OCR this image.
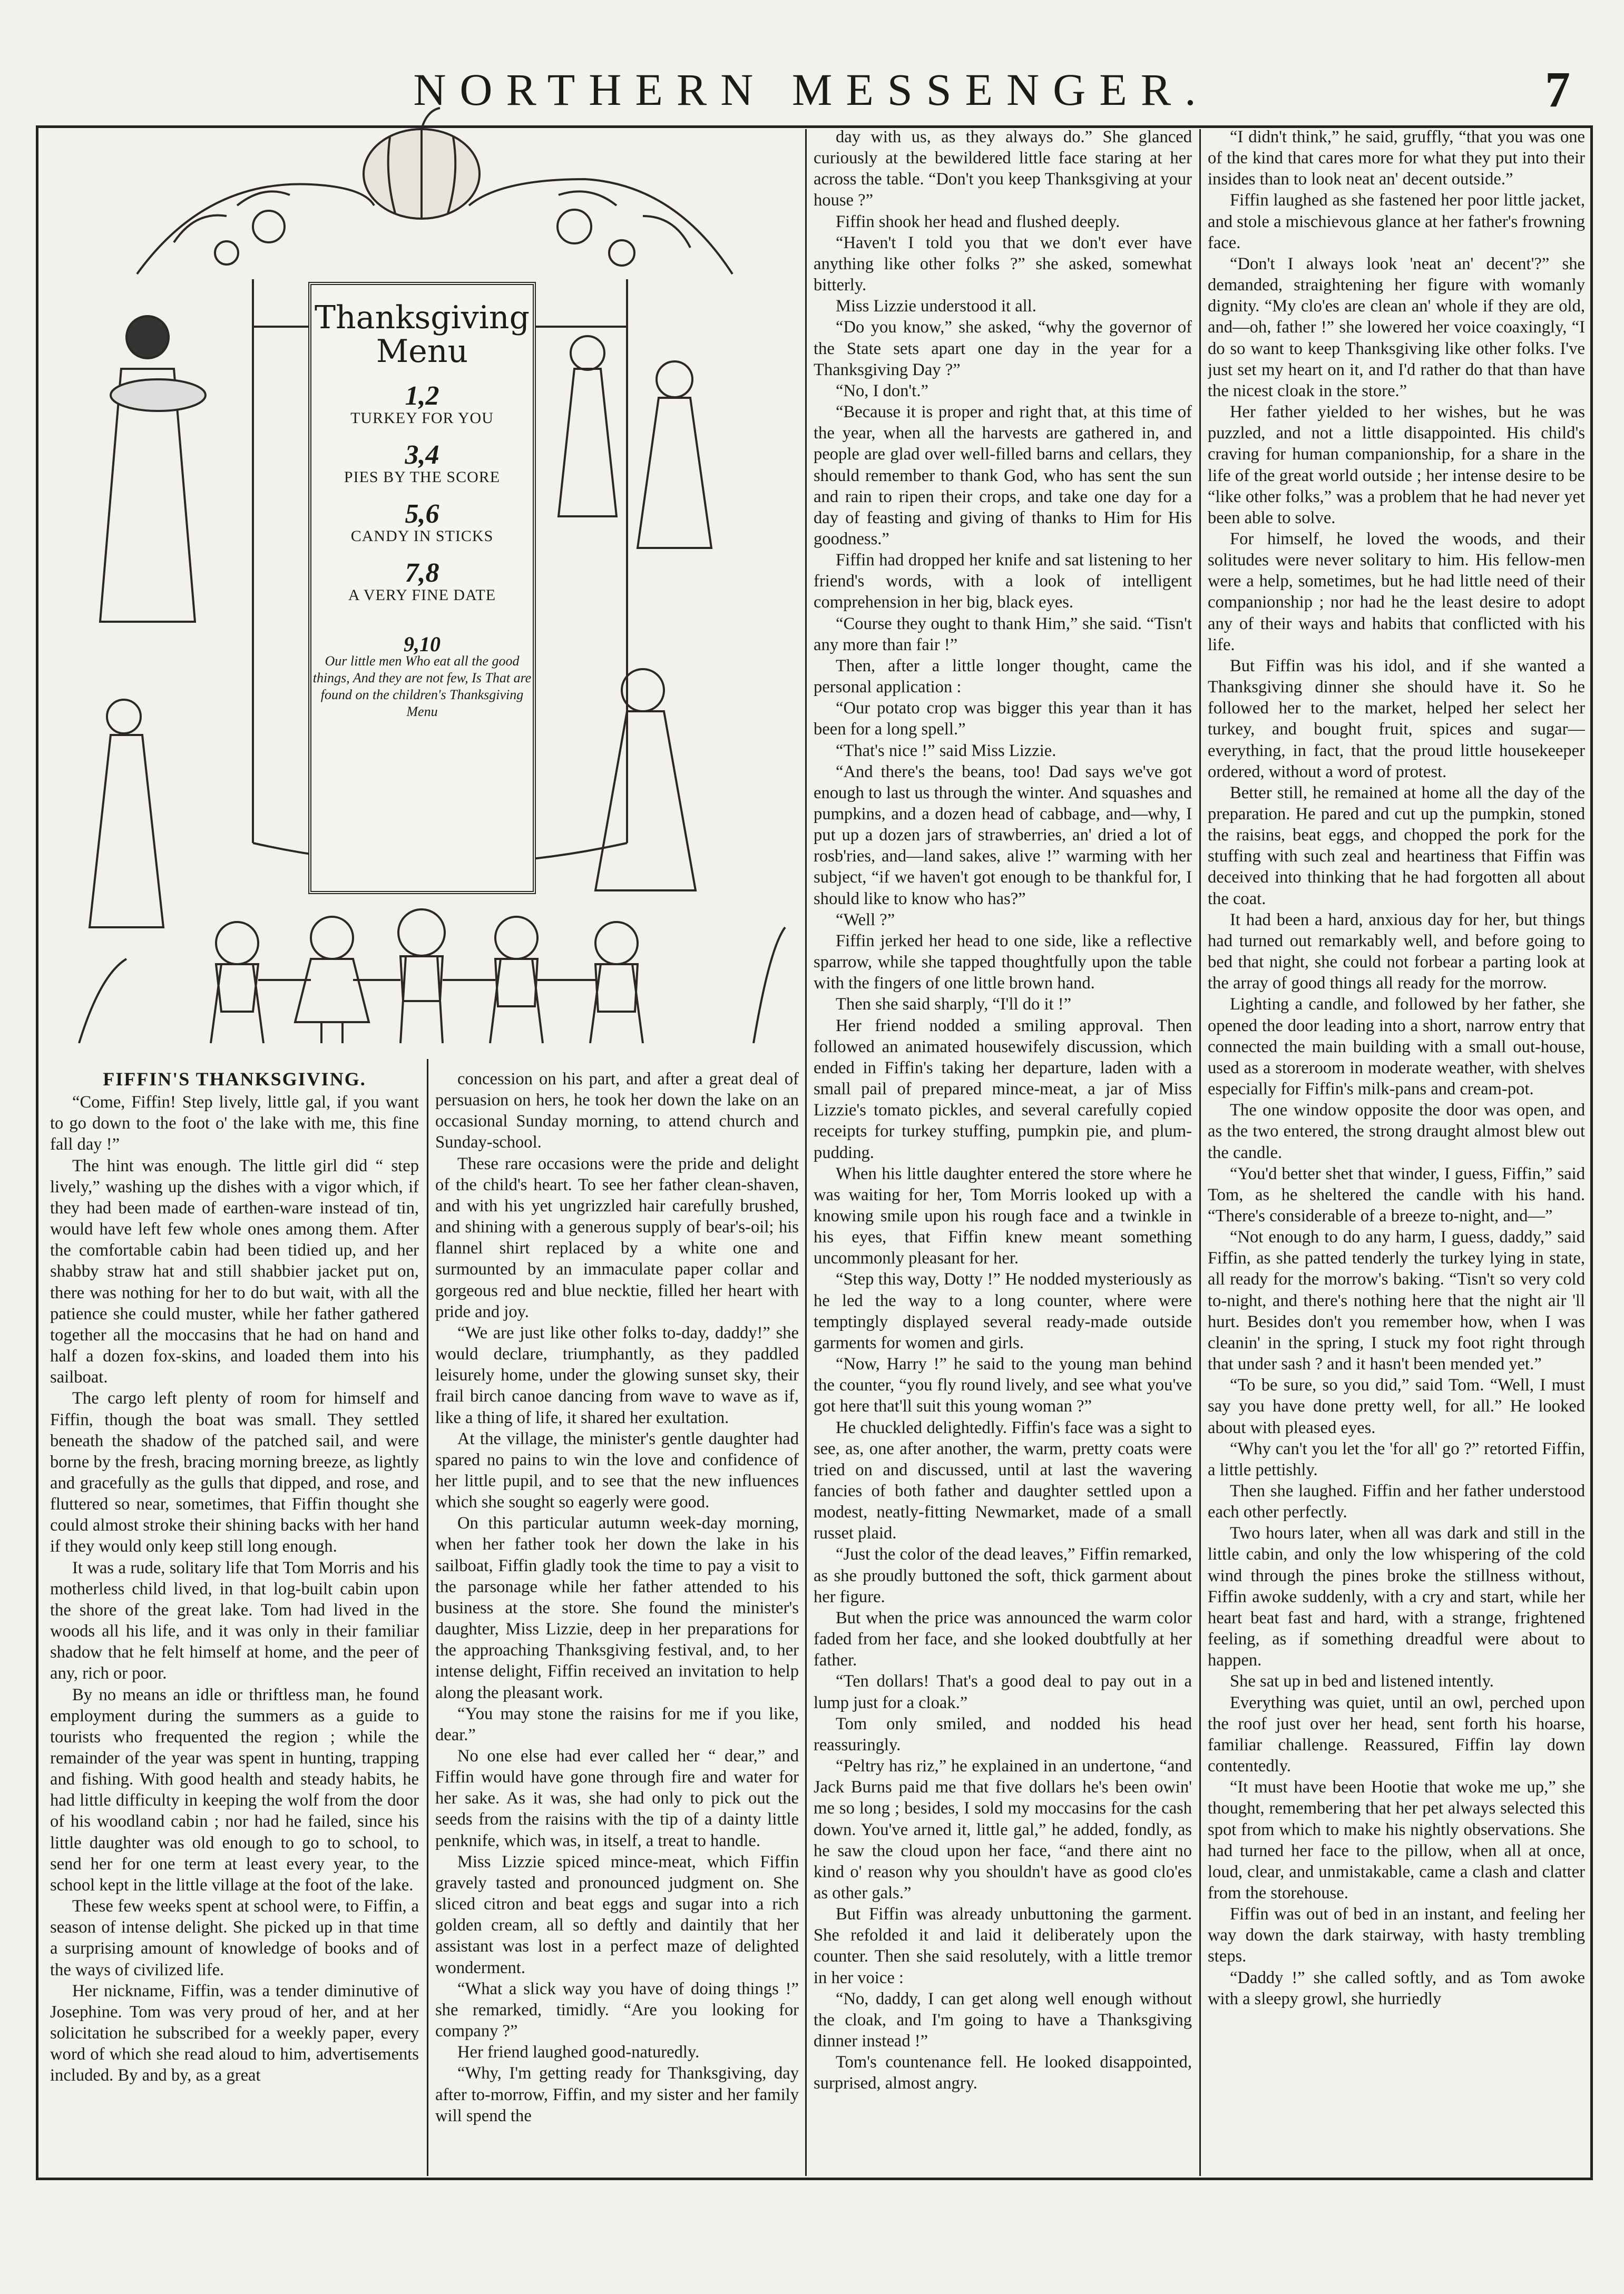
NORTHERN MESSENGER.	7
Thanksgiving Menu
1,2
TURKEY FOR YOU
3,4
PIES BY THE SCORE
5,6
CANDY IN STICKS
7,8
A VERY FINE DATE
9,10
Our little men Who eat all the good things, And they are not few, Is That are found on the children's Thanksgiving Menu
FIFFIN'S THANKSGIVING.

“Come, Fiffin! Step lively, little gal, if you want to go down to the foot o' the lake with me, this fine fall day !”

The hint was enough. The little girl did “ step lively,” washing up the dishes with a vigor which, if they had been made of earthen-ware instead of tin, would have left few whole ones among them. After the comfortable cabin had been tidied up, and her shabby straw hat and still shabbier jacket put on, there was nothing for her to do but wait, with all the patience she could muster, while her father gathered together all the moccasins that he had on hand and half a dozen fox-skins, and loaded them into his sailboat.

The cargo left plenty of room for himself and Fiffin, though the boat was small. They settled beneath the shadow of the patched sail, and were borne by the fresh, bracing morning breeze, as lightly and gracefully as the gulls that dipped, and rose, and fluttered so near, sometimes, that Fiffin thought she could almost stroke their shining backs with her hand if they would only keep still long enough.

It was a rude, solitary life that Tom Morris and his motherless child lived, in that log-built cabin upon the shore of the great lake. Tom had lived in the woods all his life, and it was only in their familiar shadow that he felt himself at home, and the peer of any, rich or poor.

By no means an idle or thriftless man, he found employment during the summers as a guide to tourists who frequented the region ; while the remainder of the year was spent in hunting, trapping and fishing. With good health and steady habits, he had little difficulty in keeping the wolf from the door of his woodland cabin ; nor had he failed, since his little daughter was old enough to go to school, to send her for one term at least every year, to the school kept in the little village at the foot of the lake.

These few weeks spent at school were, to Fiffin, a season of intense delight. She picked up in that time a surprising amount of knowledge of books and of the ways of civilized life.

Her nickname, Fiffin, was a tender diminutive of Josephine. Tom was very proud of her, and at her solicitation he subscribed for a weekly paper, every word of which she read aloud to him, advertisements included. By and by, as a great

concession on his part, and after a great deal of persuasion on hers, he took her down the lake on an occasional Sunday morning, to attend church and Sunday-school.

These rare occasions were the pride and delight of the child's heart. To see her father clean-shaven, and with his yet ungrizzled hair carefully brushed, and shining with a generous supply of bear's-oil; his flannel shirt replaced by a white one and surmounted by an immaculate paper collar and gorgeous red and blue necktie, filled her heart with pride and joy.

“We are just like other folks to-day, daddy!” she would declare, triumphantly, as they paddled leisurely home, under the glowing sunset sky, their frail birch canoe dancing from wave to wave as if, like a thing of life, it shared her exultation.

At the village, the minister's gentle daughter had spared no pains to win the love and confidence of her little pupil, and to see that the new influences which she sought so eagerly were good.

On this particular autumn week-day morning, when her father took her down the lake in his sailboat, Fiffin gladly took the time to pay a visit to the parsonage while her father attended to his business at the store. She found the minister's daughter, Miss Lizzie, deep in her preparations for the approaching Thanksgiving festival, and, to her intense delight, Fiffin received an invitation to help along the pleasant work.

“You may stone the raisins for me if you like, dear.”

No one else had ever called her “ dear,” and Fiffin would have gone through fire and water for her sake. As it was, she had only to pick out the seeds from the raisins with the tip of a dainty little penknife, which was, in itself, a treat to handle.

Miss Lizzie spiced mince-meat, which Fiffin gravely tasted and pronounced judgment on. She sliced citron and beat eggs and sugar into a rich golden cream, all so deftly and daintily that her assistant was lost in a perfect maze of delighted wonderment.

“What a slick way you have of doing things !” she remarked, timidly. “Are you looking for company ?”

Her friend laughed good-naturedly.

“Why, I'm getting ready for Thanksgiving, day after to-morrow, Fiffin, and my sister and her family will spend the

day with us, as they always do.” She glanced curiously at the bewildered little face staring at her across the table. “Don't you keep Thanksgiving at your house ?”

Fiffin shook her head and flushed deeply.

“Haven't I told you that we don't ever have anything like other folks ?” she asked, somewhat bitterly.

Miss Lizzie understood it all.

“Do you know,” she asked, “why the governor of the State sets apart one day in the year for a Thanksgiving Day ?”

“No, I don't.”

“Because it is proper and right that, at this time of the year, when all the harvests are gathered in, and people are glad over well-filled barns and cellars, they should remember to thank God, who has sent the sun and rain to ripen their crops, and take one day for a day of feasting and giving of thanks to Him for His goodness.”

Fiffin had dropped her knife and sat listening to her friend's words, with a look of intelligent comprehension in her big, black eyes.

“Course they ought to thank Him,” she said. “Tisn't any more than fair !”

Then, after a little longer thought, came the personal application :

“Our potato crop was bigger this year than it has been for a long spell.”

“That's nice !” said Miss Lizzie.

“And there's the beans, too! Dad says we've got enough to last us through the winter. And squashes and pumpkins, and a dozen head of cabbage, and—why, I put up a dozen jars of strawberries, an' dried a lot of rosb'ries, and—land sakes, alive !” warming with her subject, “if we haven't got enough to be thankful for, I should like to know who has?”

“Well ?”

Fiffin jerked her head to one side, like a reflective sparrow, while she tapped thoughtfully upon the table with the fingers of one little brown hand.

Then she said sharply, “I'll do it !”

Her friend nodded a smiling approval. Then followed an animated housewifely discussion, which ended in Fiffin's taking her departure, laden with a small pail of prepared mince-meat, a jar of Miss Lizzie's tomato pickles, and several carefully copied receipts for turkey stuffing, pumpkin pie, and plum-pudding.

When his little daughter entered the store where he was waiting for her, Tom Morris looked up with a knowing smile upon his rough face and a twinkle in his eyes, that Fiffin knew meant something uncommonly pleasant for her.

“Step this way, Dotty !” He nodded mysteriously as he led the way to a long counter, where were temptingly displayed several ready-made outside garments for women and girls.

“Now, Harry !” he said to the young man behind the counter, “you fly round lively, and see what you've got here that'll suit this young woman ?”

He chuckled delightedly. Fiffin's face was a sight to see, as, one after another, the warm, pretty coats were tried on and discussed, until at last the wavering fancies of both father and daughter settled upon a modest, neatly-fitting Newmarket, made of a small russet plaid.

“Just the color of the dead leaves,” Fiffin remarked, as she proudly buttoned the soft, thick garment about her figure.

But when the price was announced the warm color faded from her face, and she looked doubtfully at her father.

“Ten dollars! That's a good deal to pay out in a lump just for a cloak.”

Tom only smiled, and nodded his head reassuringly.

“Peltry has riz,” he explained in an undertone, “and Jack Burns paid me that five dollars he's been owin' me so long ; besides, I sold my moccasins for the cash down. You've arned it, little gal,” he added, fondly, as he saw the cloud upon her face, “and there aint no kind o' reason why you shouldn't have as good clo'es as other gals.”

But Fiffin was already unbuttoning the garment. She refolded it and laid it deliberately upon the counter. Then she said resolutely, with a little tremor in her voice :

“No, daddy, I can get along well enough without the cloak, and I'm going to have a Thanksgiving dinner instead !”

Tom's countenance fell. He looked disappointed, surprised, almost angry.

“I didn't think,” he said, gruffly, “that you was one of the kind that cares more for what they put into their insides than to look neat an' decent outside.”

Fiffin laughed as she fastened her poor little jacket, and stole a mischievous glance at her father's frowning face.

“Don't I always look 'neat an' decent'?” she demanded, straightening her figure with womanly dignity. “My clo'es are clean an' whole if they are old, and—oh, father !” she lowered her voice coaxingly, “I do so want to keep Thanksgiving like other folks. I've just set my heart on it, and I'd rather do that than have the nicest cloak in the store.”

Her father yielded to her wishes, but he was puzzled, and not a little disappointed. His child's craving for human companionship, for a share in the life of the great world outside ; her intense desire to be “like other folks,” was a problem that he had never yet been able to solve.

For himself, he loved the woods, and their solitudes were never solitary to him. His fellow-men were a help, sometimes, but he had little need of their companionship ; nor had he the least desire to adopt any of their ways and habits that conflicted with his life.

But Fiffin was his idol, and if she wanted a Thanksgiving dinner she should have it. So he followed her to the market, helped her select her turkey, and bought fruit, spices and sugar—everything, in fact, that the proud little housekeeper ordered, without a word of protest.

Better still, he remained at home all the day of the preparation. He pared and cut up the pumpkin, stoned the raisins, beat eggs, and chopped the pork for the stuffing with such zeal and heartiness that Fiffin was deceived into thinking that he had forgotten all about the coat.

It had been a hard, anxious day for her, but things had turned out remarkably well, and before going to bed that night, she could not forbear a parting look at the array of good things all ready for the morrow.

Lighting a candle, and followed by her father, she opened the door leading into a short, narrow entry that connected the main building with a small out-house, used as a storeroom in moderate weather, with shelves especially for Fiffin's milk-pans and cream-pot.

The one window opposite the door was open, and as the two entered, the strong draught almost blew out the candle.

“You'd better shet that winder, I guess, Fiffin,” said Tom, as he sheltered the candle with his hand. “There's considerable of a breeze to-night, and—”

“Not enough to do any harm, I guess, daddy,” said Fiffin, as she patted tenderly the turkey lying in state, all ready for the morrow's baking. “Tisn't so very cold to-night, and there's nothing here that the night air 'll hurt. Besides don't you remember how, when I was cleanin' in the spring, I stuck my foot right through that under sash ? and it hasn't been mended yet.”

“To be sure, so you did,” said Tom. “Well, I must say you have done pretty well, for all.” He looked about with pleased eyes.

“Why can't you let the 'for all' go ?” retorted Fiffin, a little pettishly.

Then she laughed. Fiffin and her father understood each other perfectly.

Two hours later, when all was dark and still in the little cabin, and only the low whispering of the cold wind through the pines broke the stillness without, Fiffin awoke suddenly, with a cry and start, while her heart beat fast and hard, with a strange, frightened feeling, as if something dreadful were about to happen.

She sat up in bed and listened intently.

Everything was quiet, until an owl, perched upon the roof just over her head, sent forth his hoarse, familiar challenge. Reassured, Fiffin lay down contentedly.

“It must have been Hootie that woke me up,” she thought, remembering that her pet always selected this spot from which to make his nightly observations. She had turned her face to the pillow, when all at once, loud, clear, and unmistakable, came a clash and clatter from the storehouse.

Fiffin was out of bed in an instant, and feeling her way down the dark stairway, with hasty trembling steps.

“Daddy !” she called softly, and as Tom awoke with a sleepy growl, she hurriedly
